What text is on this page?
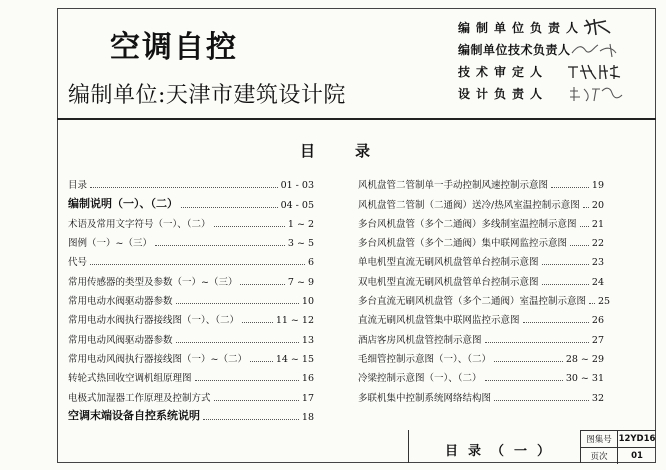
空调自控
编制单位:天津市建筑设计院
编制单位负责人
编制单位技术负责人
技术审定人
设计负责人
目录
目录	01 - 03
编制说明（一）、（二）	04 - 05
术语及常用文字符号（一）、（二）	1 ~ 2
图例（一）~（三）	3 ~ 5
代号	6
常用传感器的类型及参数（一）~（三）	7 ~ 9
常用电动水阀驱动器参数	10
常用电动水阀执行器接线图（一）、（二）	11 ~ 12
常用电动风阀驱动器参数	13
常用电动风阀执行器接线图（一）~（二）	14 ~ 15
转轮式热回收空调机组原理图	16
电极式加湿器工作原理及控制方式	17
空调末端设备自控系统说明	18
风机盘管二管制单一手动控制风速控制示意图	19
风机盘管二管制（二通阀）送冷/热风室温控制示意图 20
多台风机盘管（多个二通阀）多线制室温控制示意图 21
多台风机盘管（多个二通阀）集中联网监控示意图	22
单电机型直流无刷风机盘管单台控制示意图	23
双电机型直流无刷风机盘管单台控制示意图	24
多台直流无刷风机盘管（多个二通阀）室温控制示意图 25
直流无刷风机盘管集中联网监控示意图	26
酒店客房风机盘管控制示意图	27
毛细管控制示意图（一）、（二）	28 ~ 29
冷梁控制示意图（一）、（二）	30 ~ 31
多联机集中控制系统网络结构图	32
目录（一）
图集号 12YD16
页次	01
